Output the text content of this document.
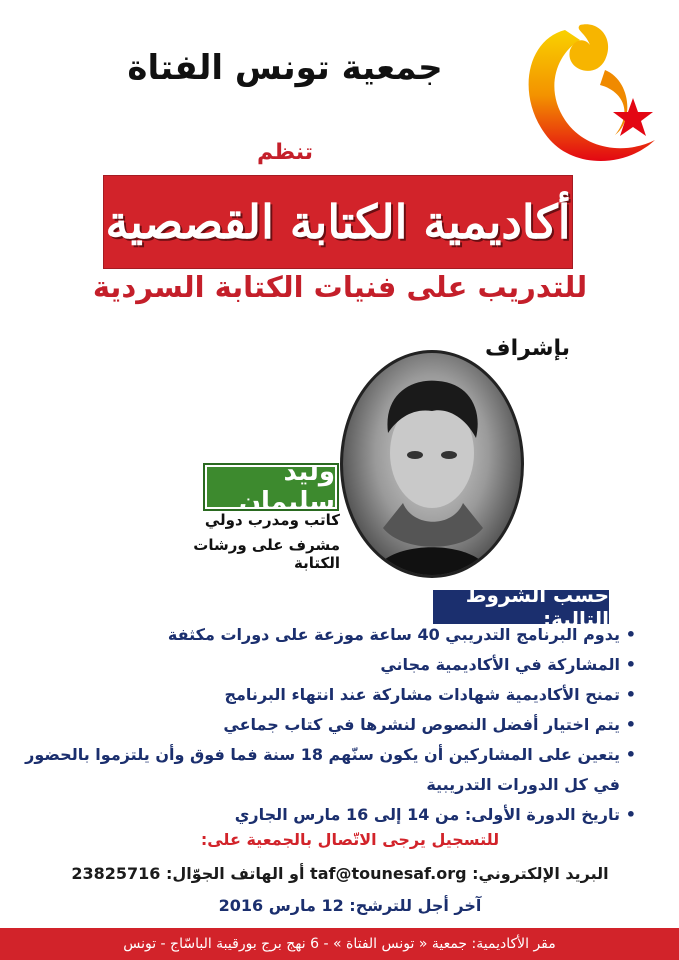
جمعية تونس الفتاة
تنظم
أكاديمية الكتابة القصصية
للتدريب على فنيات الكتابة السردية
بإشراف
وليد سليمان
كاتب ومدرب دولي
مشرف على ورشات الكتابة
حسب الشروط التالية:
• يدوم البرنامج التدريبي 40 ساعة موزعة على دورات مكثفة
• المشاركة في الأكاديمية مجاني
• تمنح الأكاديمية شهادات مشاركة عند انتهاء البرنامج
• يتم اختيار أفضل النصوص لنشرها في كتاب جماعي
• يتعين على المشاركين أن يكون سنّهم 18 سنة فما فوق وأن يلتزموا بالحضور في كل الدورات التدريبية
• تاريخ الدورة الأولى: من 14 إلى 16 مارس الجاري
للتسجيل يرجى الاتّصال بالجمعية على:
البريد الإلكتروني: taf@tounesaf.org أو الهاتف الجوّال: 23825716
آخر أجل للترشح: 12 مارس 2016
مقر الأكاديمية: جمعية « تونس الفتاة » - 6 نهج برج بورقيبة الباسّاج - تونس
